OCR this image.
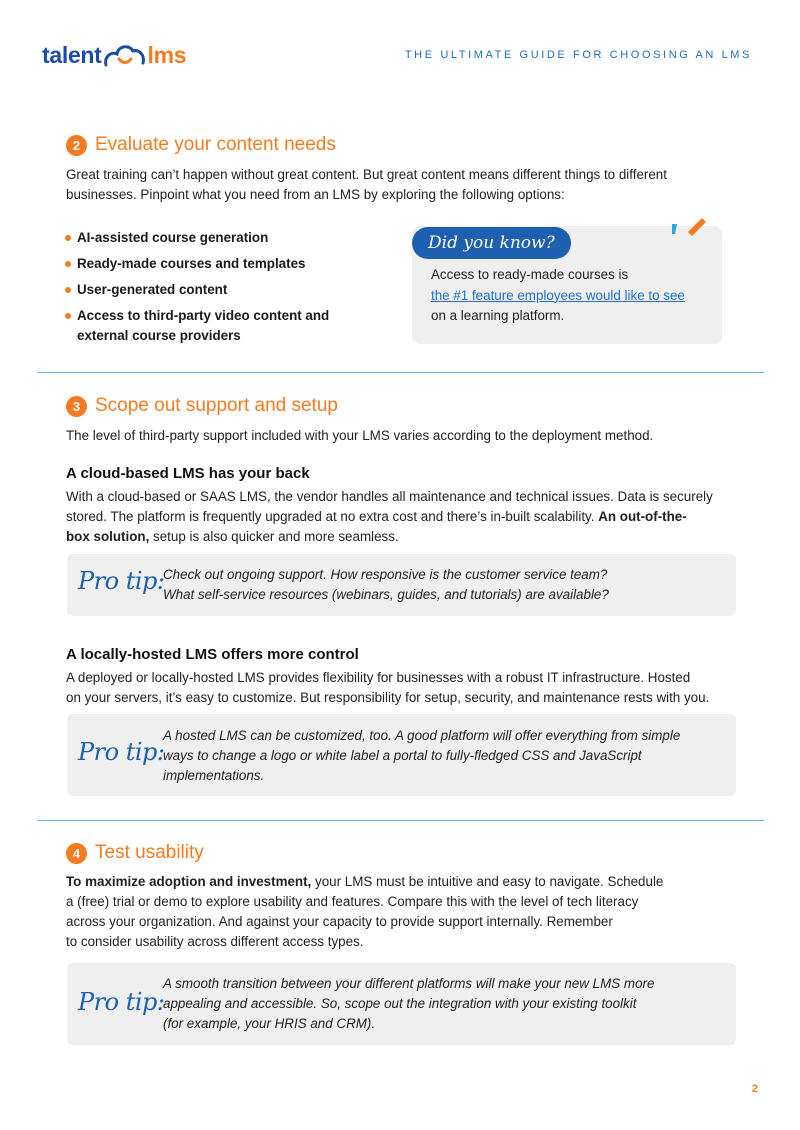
talent lms	THE ULTIMATE GUIDE FOR CHOOSING AN LMS
2 Evaluate your content needs
Great training can’t happen without great content. But great content means different things to different
businesses. Pinpoint what you need from an LMS by exploring the following options:
AI-assisted course generation
Ready-made courses and templates
User-generated content
Access to third-party video content and external course providers
Did you know?
Access to ready-made courses is
the #1 feature employees would like to see
on a learning platform.
3 Scope out support and setup
The level of third-party support included with your LMS varies according to the deployment method.
A cloud-based LMS has your back
With a cloud-based or SAAS LMS, the vendor handles all maintenance and technical issues. Data is securely
stored. The platform is frequently upgraded at no extra cost and there’s in-built scalability. An out-of-the-
box solution, setup is also quicker and more seamless.
Pro tip:
Check out ongoing support. How responsive is the customer service team?
What self-service resources (webinars, guides, and tutorials) are available?
A locally-hosted LMS offers more control
A deployed or locally-hosted LMS provides flexibility for businesses with a robust IT infrastructure. Hosted
on your servers, it’s easy to customize. But responsibility for setup, security, and maintenance rests with you.
Pro tip:
A hosted LMS can be customized, too. A good platform will offer everything from simple
ways to change a logo or white label a portal to fully-fledged CSS and JavaScript
implementations.
4 Test usability
To maximize adoption and investment, your LMS must be intuitive and easy to navigate. Schedule
a (free) trial or demo to explore usability and features. Compare this with the level of tech literacy
across your organization. And against your capacity to provide support internally. Remember
to consider usability across different access types.
Pro tip:
A smooth transition between your different platforms will make your new LMS more
appealing and accessible. So, scope out the integration with your existing toolkit
(for example, your HRIS and CRM).
2
